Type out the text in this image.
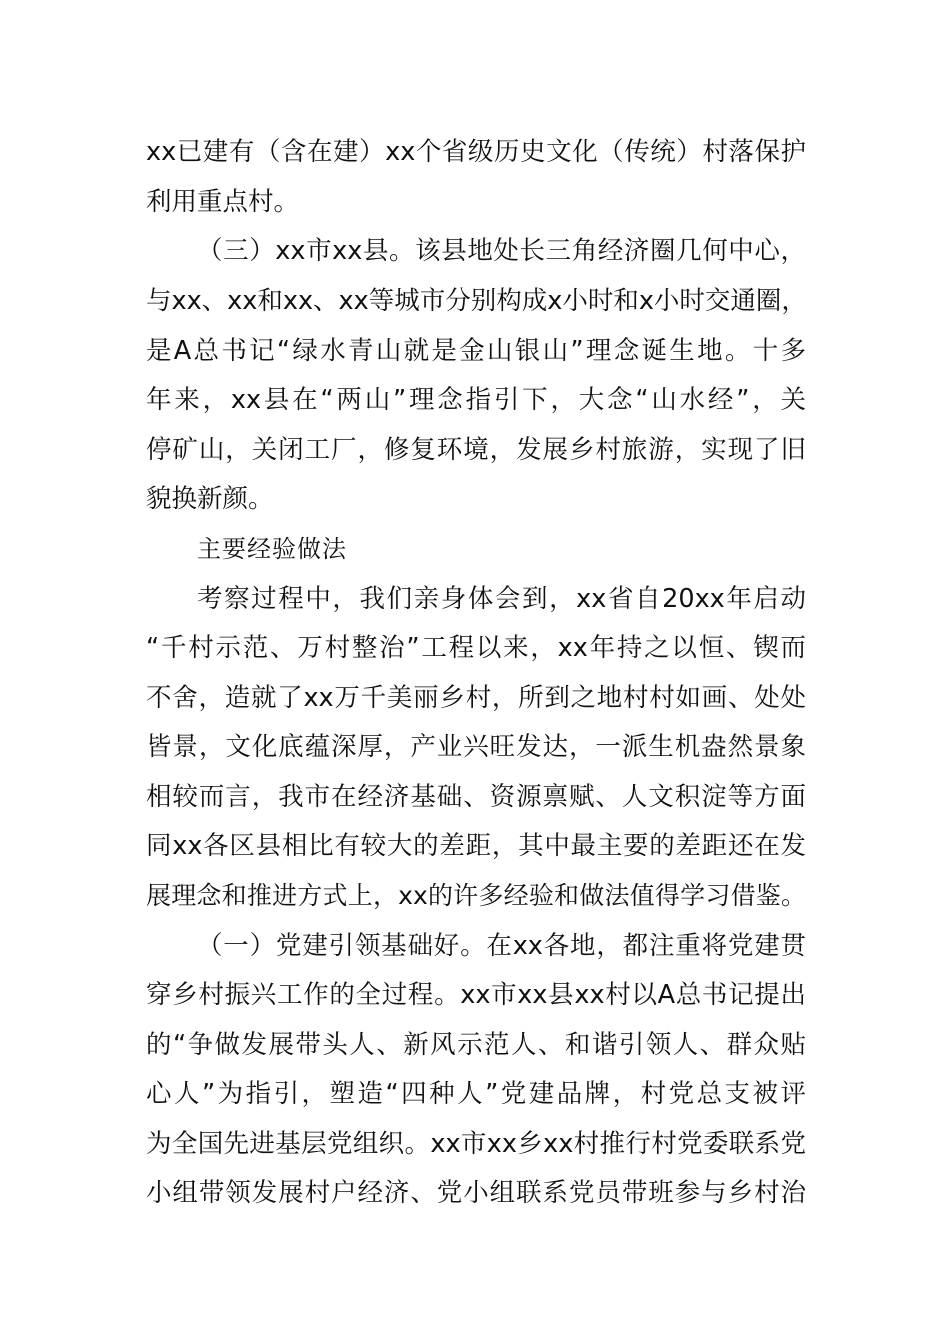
xx已建有（含在建）xx个省级历史文化（传统）村落保护
利用重点村。
（三）xx市xx县。该县地处长三角经济圈几何中心，
与xx、xx和xx、xx等城市分别构成x小时和x小时交通圈，
是A总书记“绿水青山就是金山银山”理念诞生地。十多
年来，xx县在“两山”理念指引下，大念“山水经”，关
停矿山，关闭工厂，修复环境，发展乡村旅游，实现了旧
貌换新颜。
主要经验做法
考察过程中，我们亲身体会到，xx省自20xx年启动
“千村示范、万村整治”工程以来，xx年持之以恒、锲而
不舍，造就了xx万千美丽乡村，所到之地村村如画、处处
皆景，文化底蕴深厚，产业兴旺发达，一派生机盎然景象
相较而言，我市在经济基础、资源禀赋、人文积淀等方面
同xx各区县相比有较大的差距，其中最主要的差距还在发
展理念和推进方式上，xx的许多经验和做法值得学习借鉴。
（一）党建引领基础好。在xx各地，都注重将党建贯
穿乡村振兴工作的全过程。xx市xx县xx村以A总书记提出
的“争做发展带头人、新风示范人、和谐引领人、群众贴
心人”为指引，塑造“四种人”党建品牌，村党总支被评
为全国先进基层党组织。xx市xx乡xx村推行村党委联系党
小组带领发展村户经济、党小组联系党员带班参与乡村治
